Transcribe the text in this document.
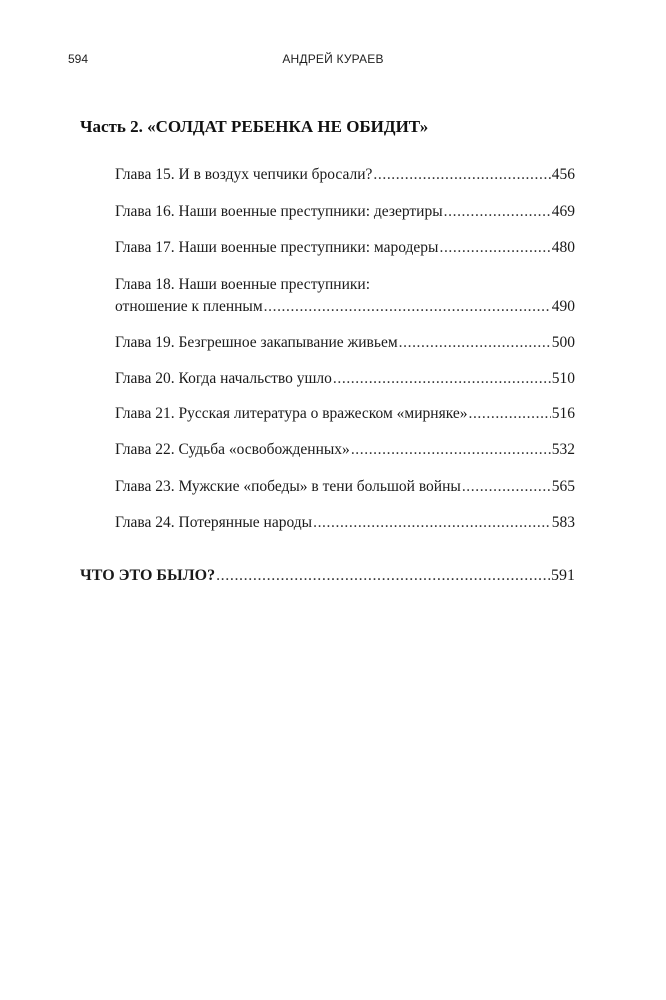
594	АНДРЕЙ КУРАЕВ
Часть 2. «СОЛДАТ РЕБЕНКА НЕ ОБИДИТ»
Глава 15. И в воздух чепчики бросали? .....	456
Глава 16. Наши военные преступники: дезертиры .....	469
Глава 17. Наши военные преступники: мародеры .....	480
Глава 18. Наши военные преступники:
отношение к пленным .....	490
Глава 19. Безгрешное закапывание живьем .....	500
Глава 20. Когда начальство ушло .....	510
Глава 21. Русская литература о вражеском «мирняке» .....	516
Глава 22. Судьба «освобожденных» .....	532
Глава 23. Мужские «победы» в тени большой войны .....	565
Глава 24. Потерянные народы .....	583
ЧТО ЭТО БЫЛО? .....	591
